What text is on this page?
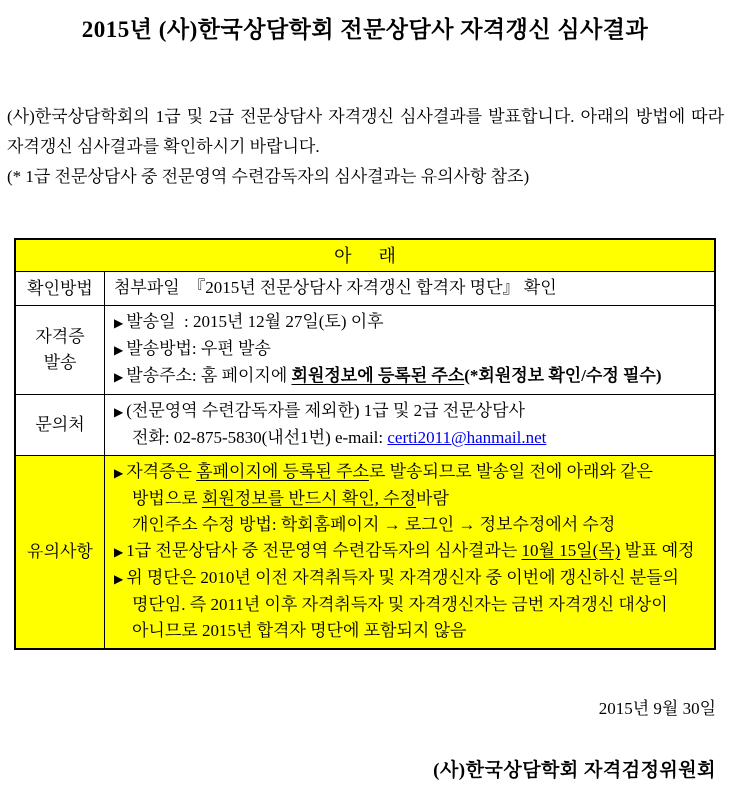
2015년 (사)한국상담학회 전문상담사 자격갱신 심사결과
(사)한국상담학회의 1급 및 2급 전문상담사 자격갱신 심사결과를 발표합니다. 아래의 방법에 따라 자격갱신 심사결과를 확인하시기 바랍니다.
(* 1급 전문상담사 중 전문영역 수련감독자의 심사결과는 유의사항 참조)
아      래
확인방법 첨부파일  『2015년 전문상담사 자격갱신 합격자 명단』 확인
자격증
발송
▶ 발송일  : 2015년 12월 27일(토) 이후
▶ 발송방법: 우편 발송
▶ 발송주소: 홈 페이지에 회원정보에 등록된 주소(*회원정보 확인/수정 필수)
문의처
▶ (전문영역 수련감독자를 제외한) 1급 및 2급 전문상담사
전화: 02-875-5830(내선1번) e-mail: certi2011@hanmail.net
유의사항
▶ 자격증은 홈페이지에 등록된 주소로 발송되므로 발송일 전에 아래와 같은 방법으로 회원정보를 반드시 확인, 수정바람
개인주소 수정 방법: 학회홈페이지 → 로그인 → 정보수정에서 수정
▶ 1급 전문상담사 중 전문영역 수련감독자의 심사결과는 10월 15일(목) 발표 예정
▶ 위 명단은 2010년 이전 자격취득자 및 자격갱신자 중 이번에 갱신하신 분들의 명단임. 즉 2011년 이후 자격취득자 및 자격갱신자는 금번 자격갱신 대상이 아니므로 2015년 합격자 명단에 포함되지 않음
2015년 9월 30일
(사)한국상담학회 자격검정위원회
